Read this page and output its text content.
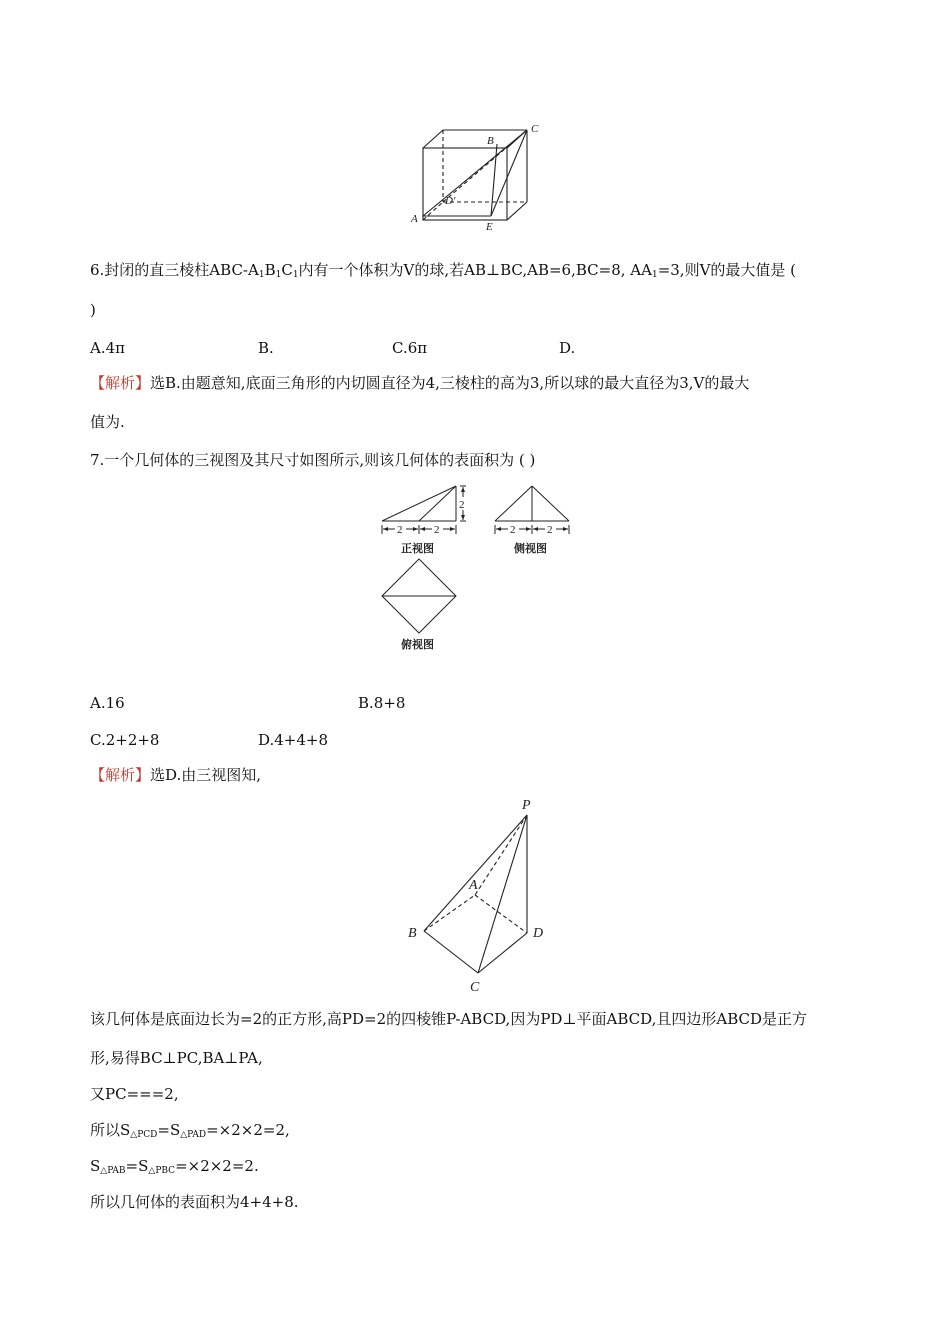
A
B
C
D'
E
6.封闭的直三棱柱ABC-$A_1B_1C_1$内有一个体积为V的球,若AB⊥BC,AB=6,BC=8, $AA_1=3$,则V的最大值是 (
)
A.4π	B.	C.6π	D.
【解析】选B.由题意知,底面三角形的内切圆直径为4,三棱柱的高为3,所以球的最大直径为3,V的最大
值为.
7.一个几何体的三视图及其尺寸如图所示,则该几何体的表面积为 ( )
2	2
2
2	2
正视图	侧视图
俯视图
A.16	B.8+8
C.2+2+8	D.4+4+8
【解析】选D.由三视图知,
P
A
B
C
D
该几何体是底面边长为=2的正方形,高PD=2的四棱锥P-ABCD,因为PD⊥平面ABCD,且四边形ABCD是正方
形,易得BC⊥PC,BA⊥PA,
又PC===2,
所以$S_{\triangle PCD}=S_{\triangle PAD}=\times 2\times 2=2$,
$S_{\triangle PAB}=S_{\triangle PBC}=\times 2\times 2=2$.
所以几何体的表面积为4+4+8.
